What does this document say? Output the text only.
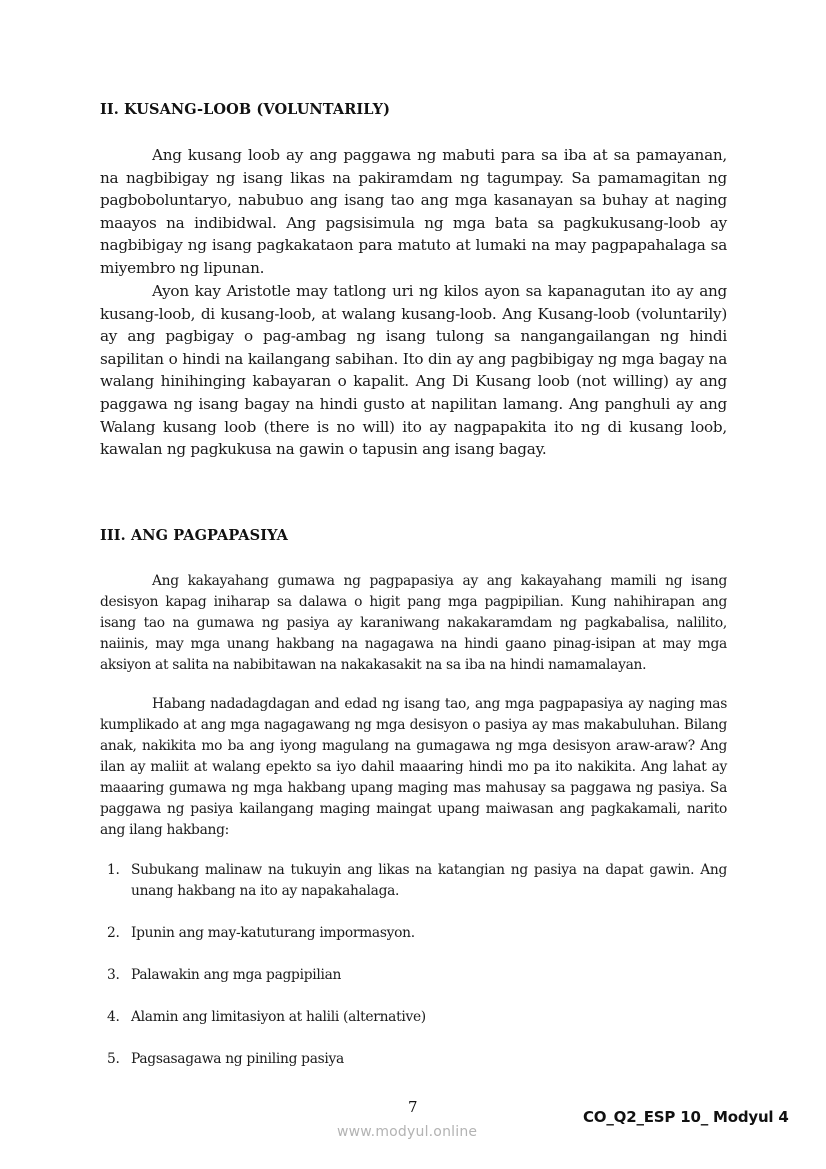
II. KUSANG-LOOB (VOLUNTARILY)

Ang kusang loob ay ang paggawa ng mabuti para sa iba at sa pamayanan, na nagbibigay ng isang likas na pakiramdam ng tagumpay. Sa pamamagitan ng pagboboluntaryo, nabubuo ang isang tao ang mga kasanayan sa buhay at naging maayos na indibidwal. Ang pagsisimula ng mga bata sa pagkukusang-loob ay nagbibigay ng isang pagkakataon para matuto at lumaki na may pagpapahalaga sa miyembro ng lipunan.

Ayon kay Aristotle may tatlong uri ng kilos ayon sa kapanagutan ito ay ang kusang-loob, di kusang-loob, at walang kusang-loob. Ang Kusang-loob (voluntarily) ay ang pagbigay o pag-ambag ng isang tulong sa nangangailangan ng hindi sapilitan o hindi na kailangang sabihan. Ito din ay ang pagbibigay ng mga bagay na walang hinihinging kabayaran o kapalit. Ang Di Kusang loob (not willing) ay ang paggawa ng isang bagay na hindi gusto at napilitan lamang. Ang panghuli ay ang Walang kusang loob (there is no will) ito ay nagpapakita ito ng di kusang loob, kawalan ng pagkukusa na gawin o tapusin ang isang bagay.

III. ANG PAGPAPASIYA

Ang kakayahang gumawa ng pagpapasiya ay ang kakayahang mamili ng isang desisyon kapag iniharap sa dalawa o higit pang mga pagpipilian. Kung nahihirapan ang isang tao na gumawa ng pasiya ay karaniwang nakakaramdam ng pagkabalisa, nalilito, naiinis, may mga unang hakbang na nagagawa na hindi gaano pinag-isipan at may mga aksiyon at salita na nabibitawan na nakakasakit na sa iba na hindi namamalayan.

Habang nadadagdagan and edad ng isang tao, ang mga pagpapasiya ay naging mas kumplikado at ang mga nagagawang ng mga desisyon o pasiya ay mas makabuluhan. Bilang anak, nakikita mo ba ang iyong magulang na gumagawa ng mga desisyon araw-araw? Ang ilan ay maliit at walang epekto sa iyo dahil maaaring hindi mo pa ito nakikita. Ang lahat ay maaaring gumawa ng mga hakbang upang maging mas mahusay sa paggawa ng pasiya. Sa paggawa ng pasiya kailangang maging maingat upang maiwasan ang pagkakamali, narito ang ilang hakbang:

1. Subukang malinaw na tukuyin ang likas na katangian ng pasiya na dapat gawin. Ang unang hakbang na ito ay napakahalaga.
2. Ipunin ang may-katuturang impormasyon.
3. Palawakin ang mga pagpipilian
4. Alamin ang limitasiyon at halili (alternative)
5. Pagsasagawa ng piniling pasiya
7
CO_Q2_ESP 10_ Modyul 4
www.modyul.online
